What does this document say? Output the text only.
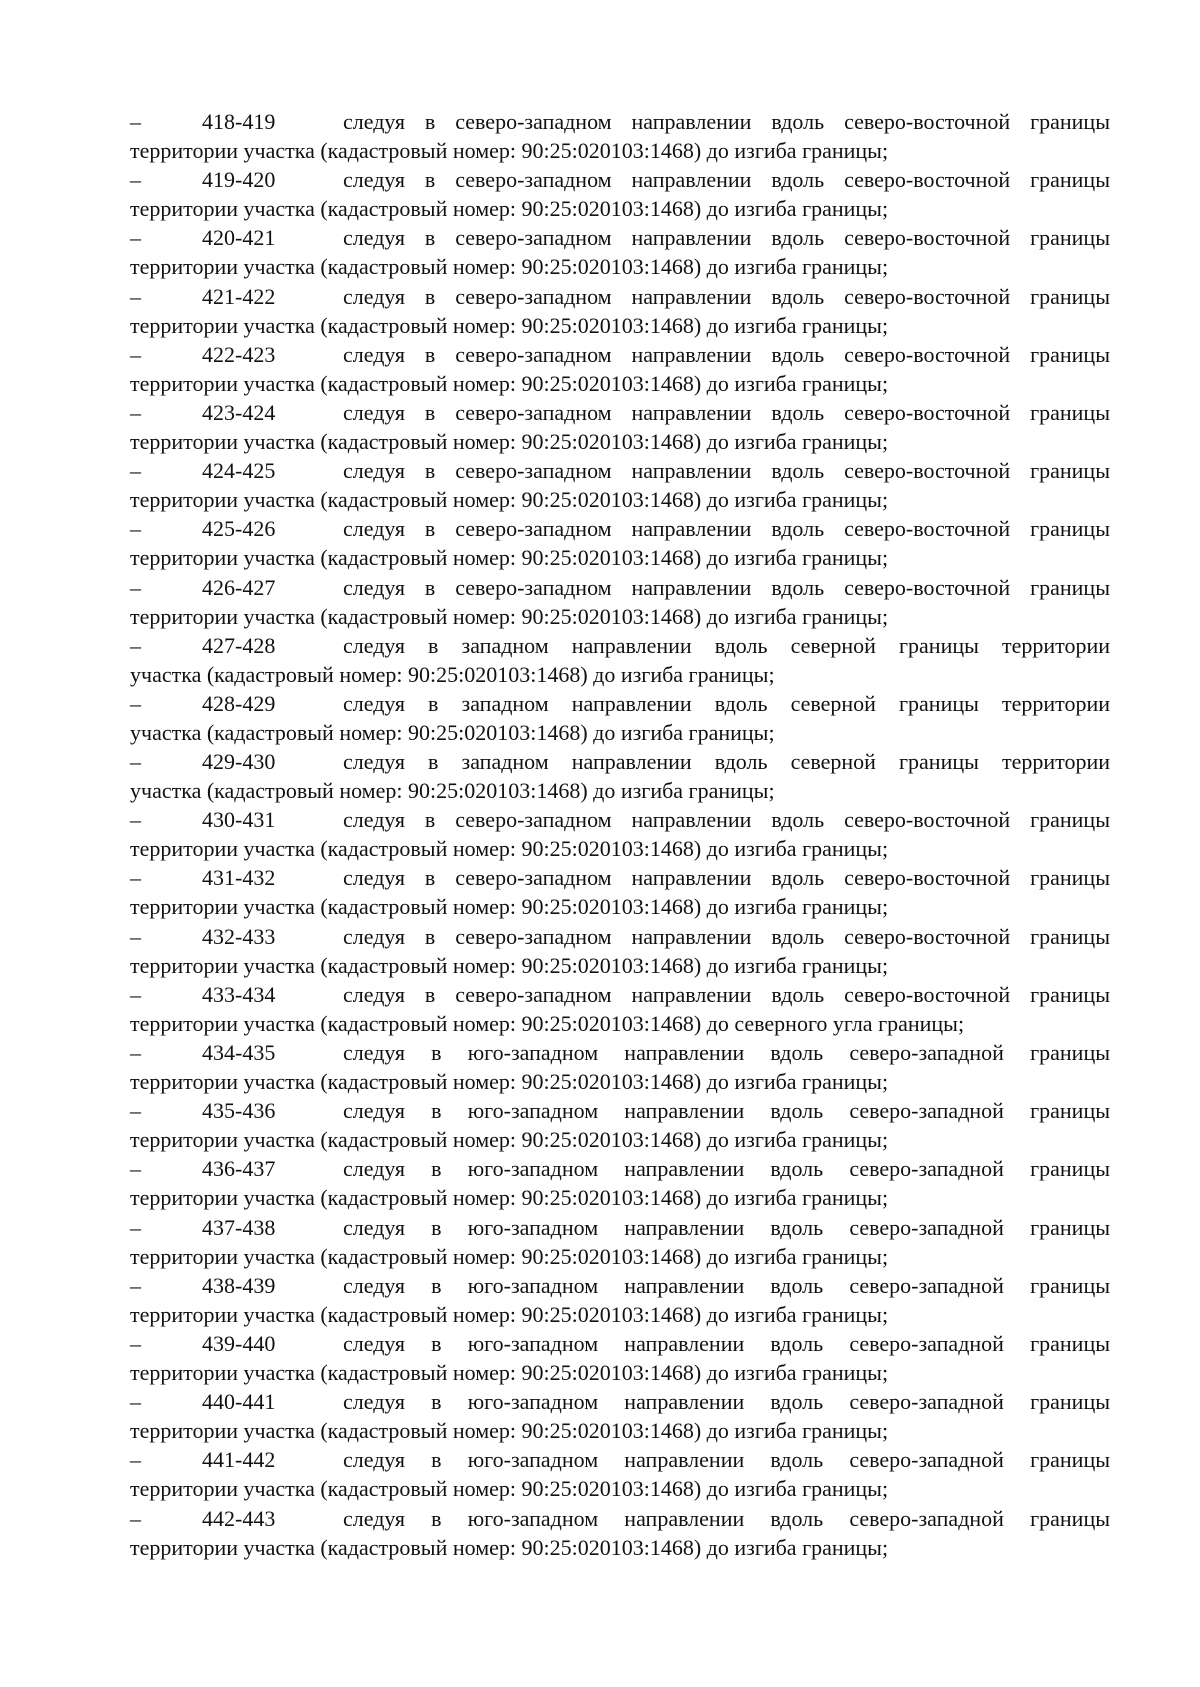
–	418-419	следуя в северо-западном направлении вдоль северо-восточной границы
территории участка (кадастровый номер: 90:25:020103:1468) до изгиба границы;
–	419-420	следуя в северо-западном направлении вдоль северо-восточной границы
территории участка (кадастровый номер: 90:25:020103:1468) до изгиба границы;
–	420-421	следуя в северо-западном направлении вдоль северо-восточной границы
территории участка (кадастровый номер: 90:25:020103:1468) до изгиба границы;
–	421-422	следуя в северо-западном направлении вдоль северо-восточной границы
территории участка (кадастровый номер: 90:25:020103:1468) до изгиба границы;
–	422-423	следуя в северо-западном направлении вдоль северо-восточной границы
территории участка (кадастровый номер: 90:25:020103:1468) до изгиба границы;
–	423-424	следуя в северо-западном направлении вдоль северо-восточной границы
территории участка (кадастровый номер: 90:25:020103:1468) до изгиба границы;
–	424-425	следуя в северо-западном направлении вдоль северо-восточной границы
территории участка (кадастровый номер: 90:25:020103:1468) до изгиба границы;
–	425-426	следуя в северо-западном направлении вдоль северо-восточной границы
территории участка (кадастровый номер: 90:25:020103:1468) до изгиба границы;
–	426-427	следуя в северо-западном направлении вдоль северо-восточной границы
территории участка (кадастровый номер: 90:25:020103:1468) до изгиба границы;
–	427-428	следуя в западном направлении вдоль северной границы территории
участка (кадастровый номер: 90:25:020103:1468) до изгиба границы;
–	428-429	следуя в западном направлении вдоль северной границы территории
участка (кадастровый номер: 90:25:020103:1468) до изгиба границы;
–	429-430	следуя в западном направлении вдоль северной границы территории
участка (кадастровый номер: 90:25:020103:1468) до изгиба границы;
–	430-431	следуя в северо-западном направлении вдоль северо-восточной границы
территории участка (кадастровый номер: 90:25:020103:1468) до изгиба границы;
–	431-432	следуя в северо-западном направлении вдоль северо-восточной границы
территории участка (кадастровый номер: 90:25:020103:1468) до изгиба границы;
–	432-433	следуя в северо-западном направлении вдоль северо-восточной границы
территории участка (кадастровый номер: 90:25:020103:1468) до изгиба границы;
–	433-434	следуя в северо-западном направлении вдоль северо-восточной границы
территории участка (кадастровый номер: 90:25:020103:1468) до северного угла границы;
–	434-435	следуя в юго-западном направлении вдоль северо-западной границы
территории участка (кадастровый номер: 90:25:020103:1468) до изгиба границы;
–	435-436	следуя в юго-западном направлении вдоль северо-западной границы
территории участка (кадастровый номер: 90:25:020103:1468) до изгиба границы;
–	436-437	следуя в юго-западном направлении вдоль северо-западной границы
территории участка (кадастровый номер: 90:25:020103:1468) до изгиба границы;
–	437-438	следуя в юго-западном направлении вдоль северо-западной границы
территории участка (кадастровый номер: 90:25:020103:1468) до изгиба границы;
–	438-439	следуя в юго-западном направлении вдоль северо-западной границы
территории участка (кадастровый номер: 90:25:020103:1468) до изгиба границы;
–	439-440	следуя в юго-западном направлении вдоль северо-западной границы
территории участка (кадастровый номер: 90:25:020103:1468) до изгиба границы;
–	440-441	следуя в юго-западном направлении вдоль северо-западной границы
территории участка (кадастровый номер: 90:25:020103:1468) до изгиба границы;
–	441-442	следуя в юго-западном направлении вдоль северо-западной границы
территории участка (кадастровый номер: 90:25:020103:1468) до изгиба границы;
–	442-443	следуя в юго-западном направлении вдоль северо-западной границы
территории участка (кадастровый номер: 90:25:020103:1468) до изгиба границы;
